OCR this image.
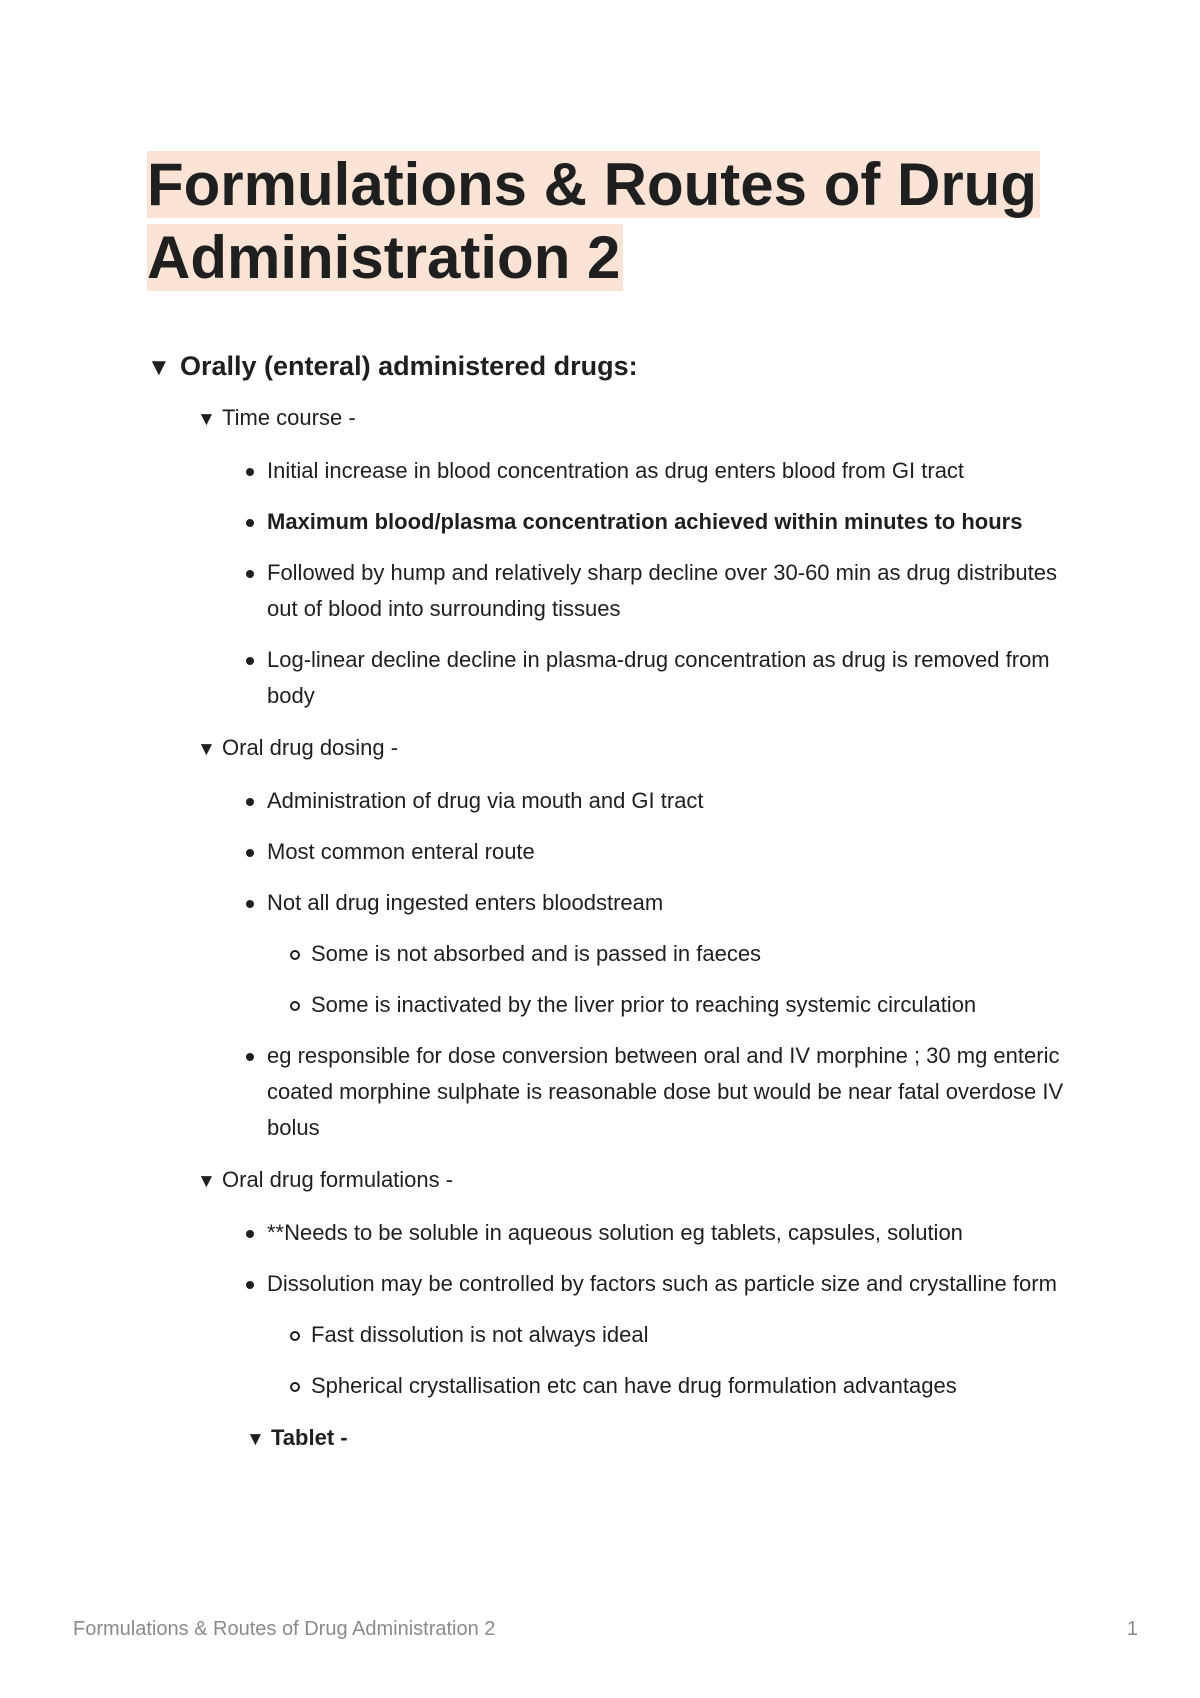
Formulations & Routes of Drug Administration 2
▼ Orally (enteral) administered drugs:
▼ Time course -
Initial increase in blood concentration as drug enters blood from GI tract
Maximum blood/plasma concentration achieved within minutes to hours
Followed by hump and relatively sharp decline over 30-60 min as drug distributes out of blood into surrounding tissues
Log-linear decline decline in plasma-drug concentration as drug is removed from body
▼ Oral drug dosing -
Administration of drug via mouth and GI tract
Most common enteral route
Not all drug ingested enters bloodstream
Some is not absorbed and is passed in faeces
Some is inactivated by the liver prior to reaching systemic circulation
eg responsible for dose conversion between oral and IV morphine ; 30 mg enteric coated morphine sulphate is reasonable dose but would be near fatal overdose IV bolus
▼ Oral drug formulations -
**Needs to be soluble in aqueous solution eg tablets, capsules, solution
Dissolution may be controlled by factors such as particle size and crystalline form
Fast dissolution is not always ideal
Spherical crystallisation etc can have drug formulation advantages
▼ Tablet -
Formulations & Routes of Drug Administration 2	1
